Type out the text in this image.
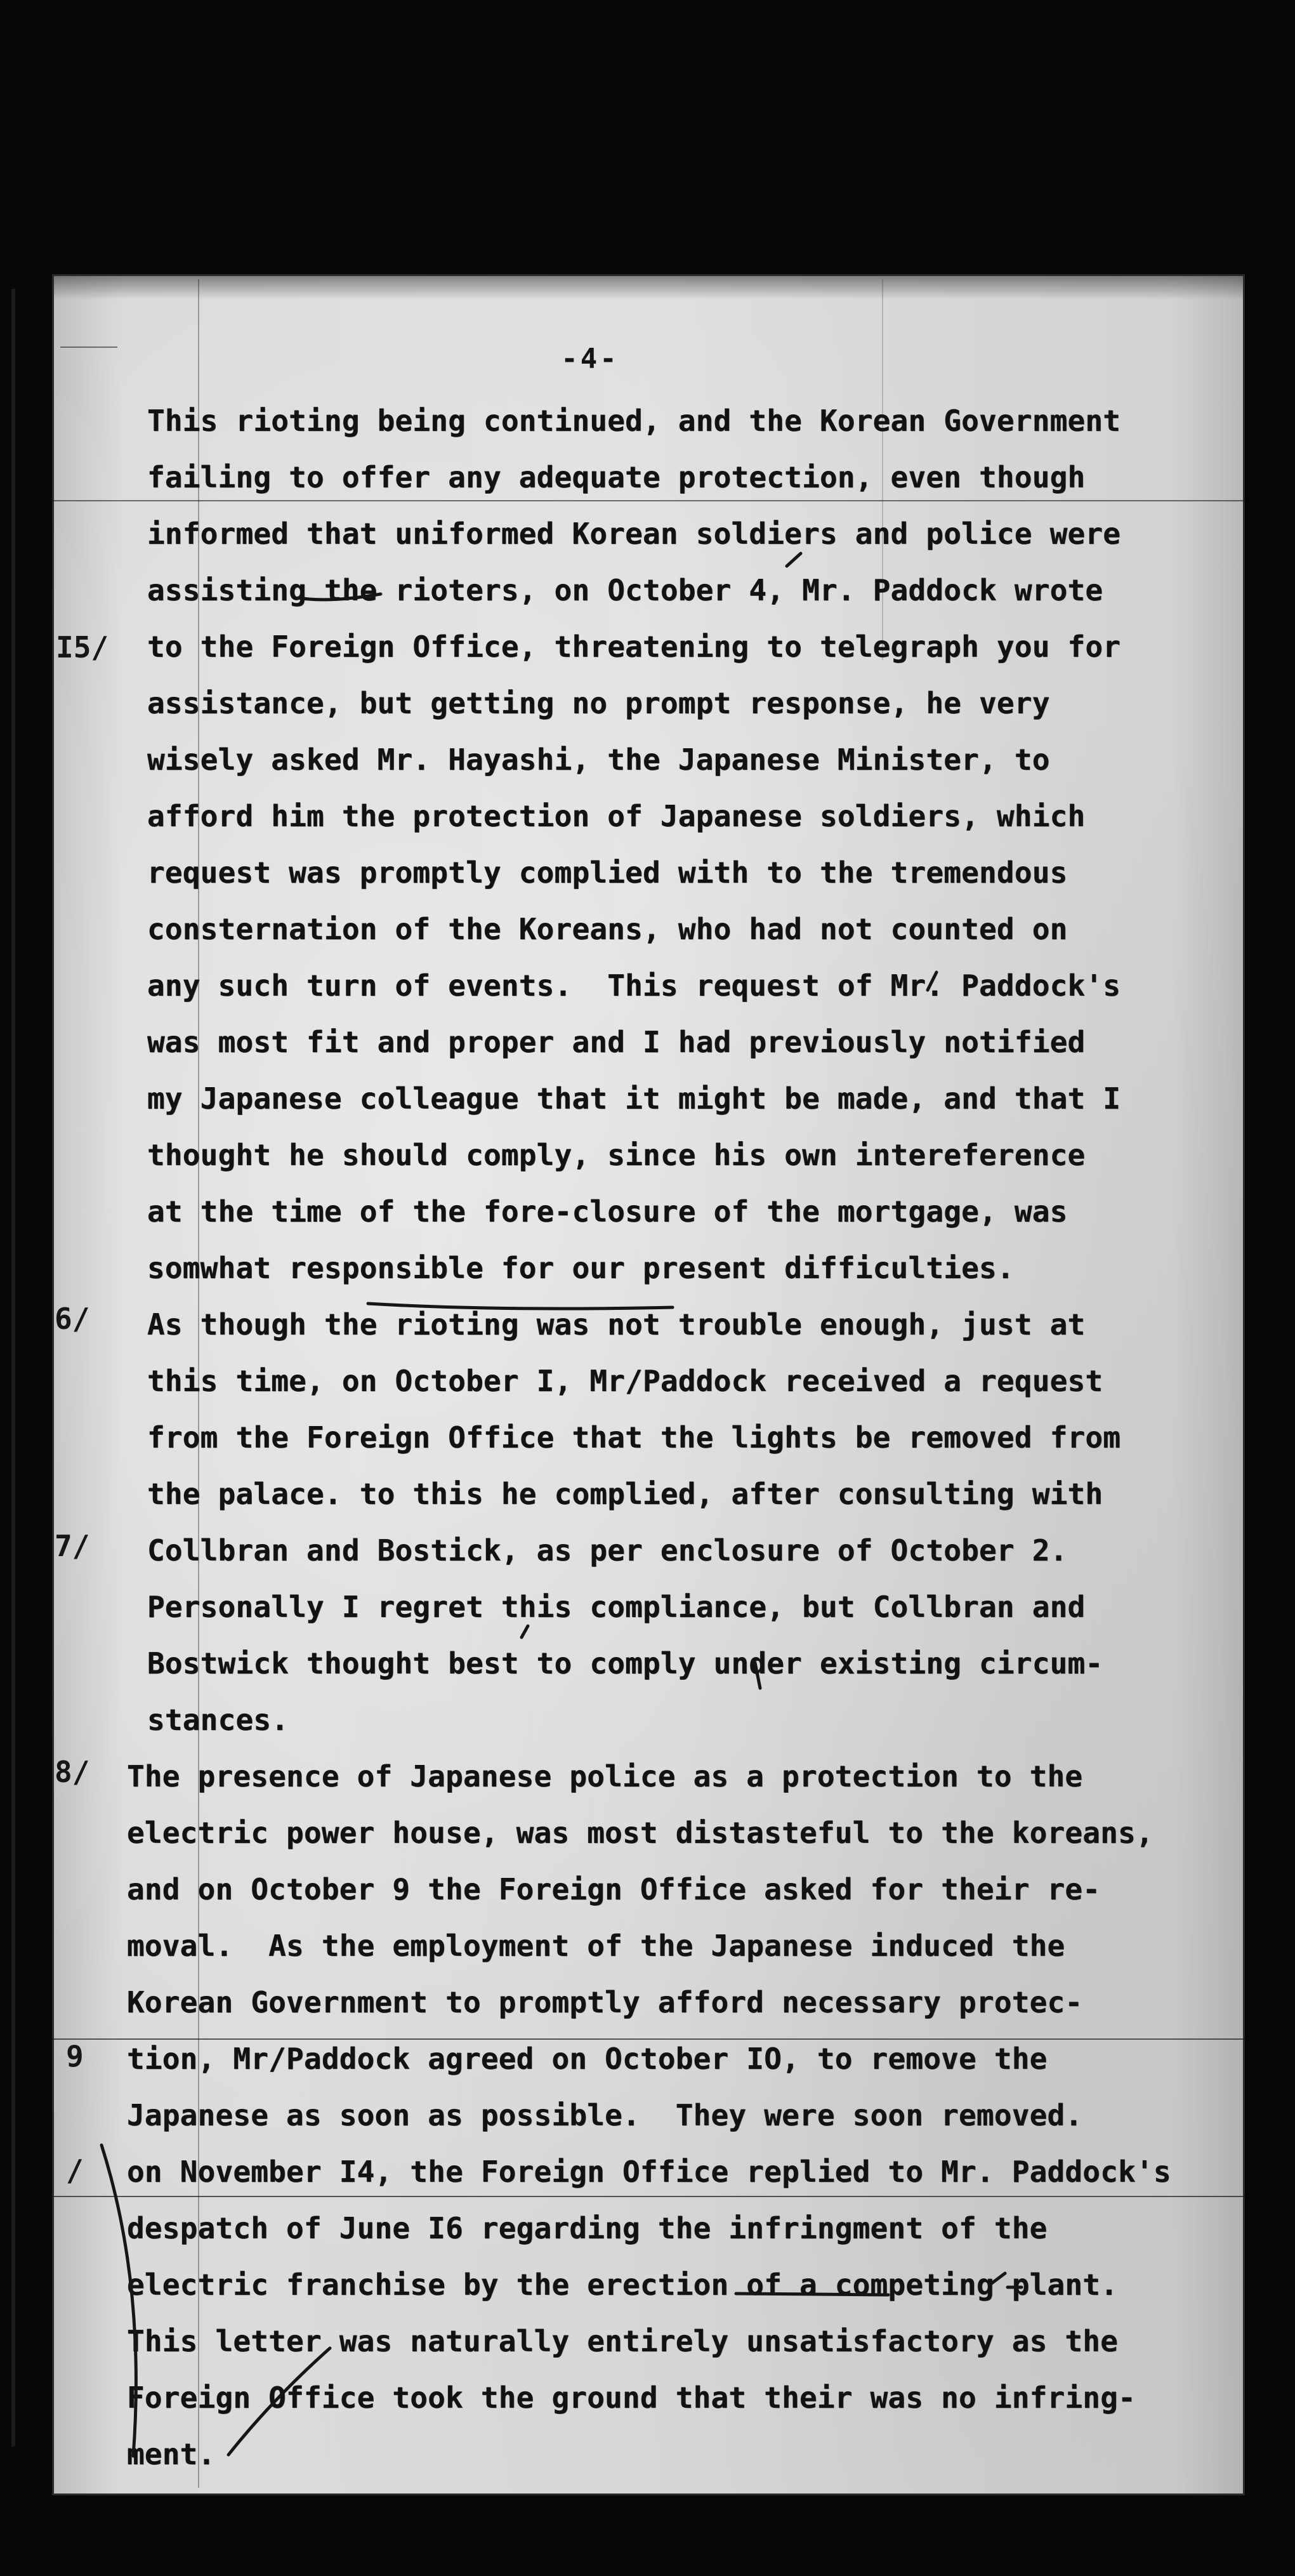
-4-
I5/
6/
7/
8/
9
/
This rioting being continued, and the Korean Government
failing to offer any adequate protection, even though
informed that uniformed Korean soldiers and police were
assisting the rioters, on October 4, Mr. Paddock wrote
to the Foreign Office, threatening to telegraph you for
assistance, but getting no prompt response, he very
wisely asked Mr. Hayashi, the Japanese Minister, to
afford him the protection of Japanese soldiers, which
request was promptly complied with to the tremendous
consternation of the Koreans, who had not counted on
any such turn of events.  This request of Mr. Paddock's
was most fit and proper and I had previously notified
my Japanese colleague that it might be made, and that I
thought he should comply, since his own intereference
at the time of the fore-closure of the mortgage, was
somwhat responsible for our present difficulties.
As though the rioting was not trouble enough, just at
this time, on October I, Mr/Paddock received a request
from the Foreign Office that the lights be removed from
the palace. to this he complied, after consulting with
Collbran and Bostick, as per enclosure of October 2.
Personally I regret this compliance, but Collbran and
Bostwick thought best to comply under existing circum-
stances.
The presence of Japanese police as a protection to the
electric power house, was most distasteful to the koreans,
and on October 9 the Foreign Office asked for their re-
moval.  As the employment of the Japanese induced the
Korean Government to promptly afford necessary protec-
tion, Mr/Paddock agreed on October IO, to remove the
Japanese as soon as possible.  They were soon removed.
on November I4, the Foreign Office replied to Mr. Paddock's
despatch of June I6 regarding the infringment of the
electric franchise by the erection of a competing plant.
This letter was naturally entirely unsatisfactory as the
Foreign Office took the ground that their was no infring-
ment.
